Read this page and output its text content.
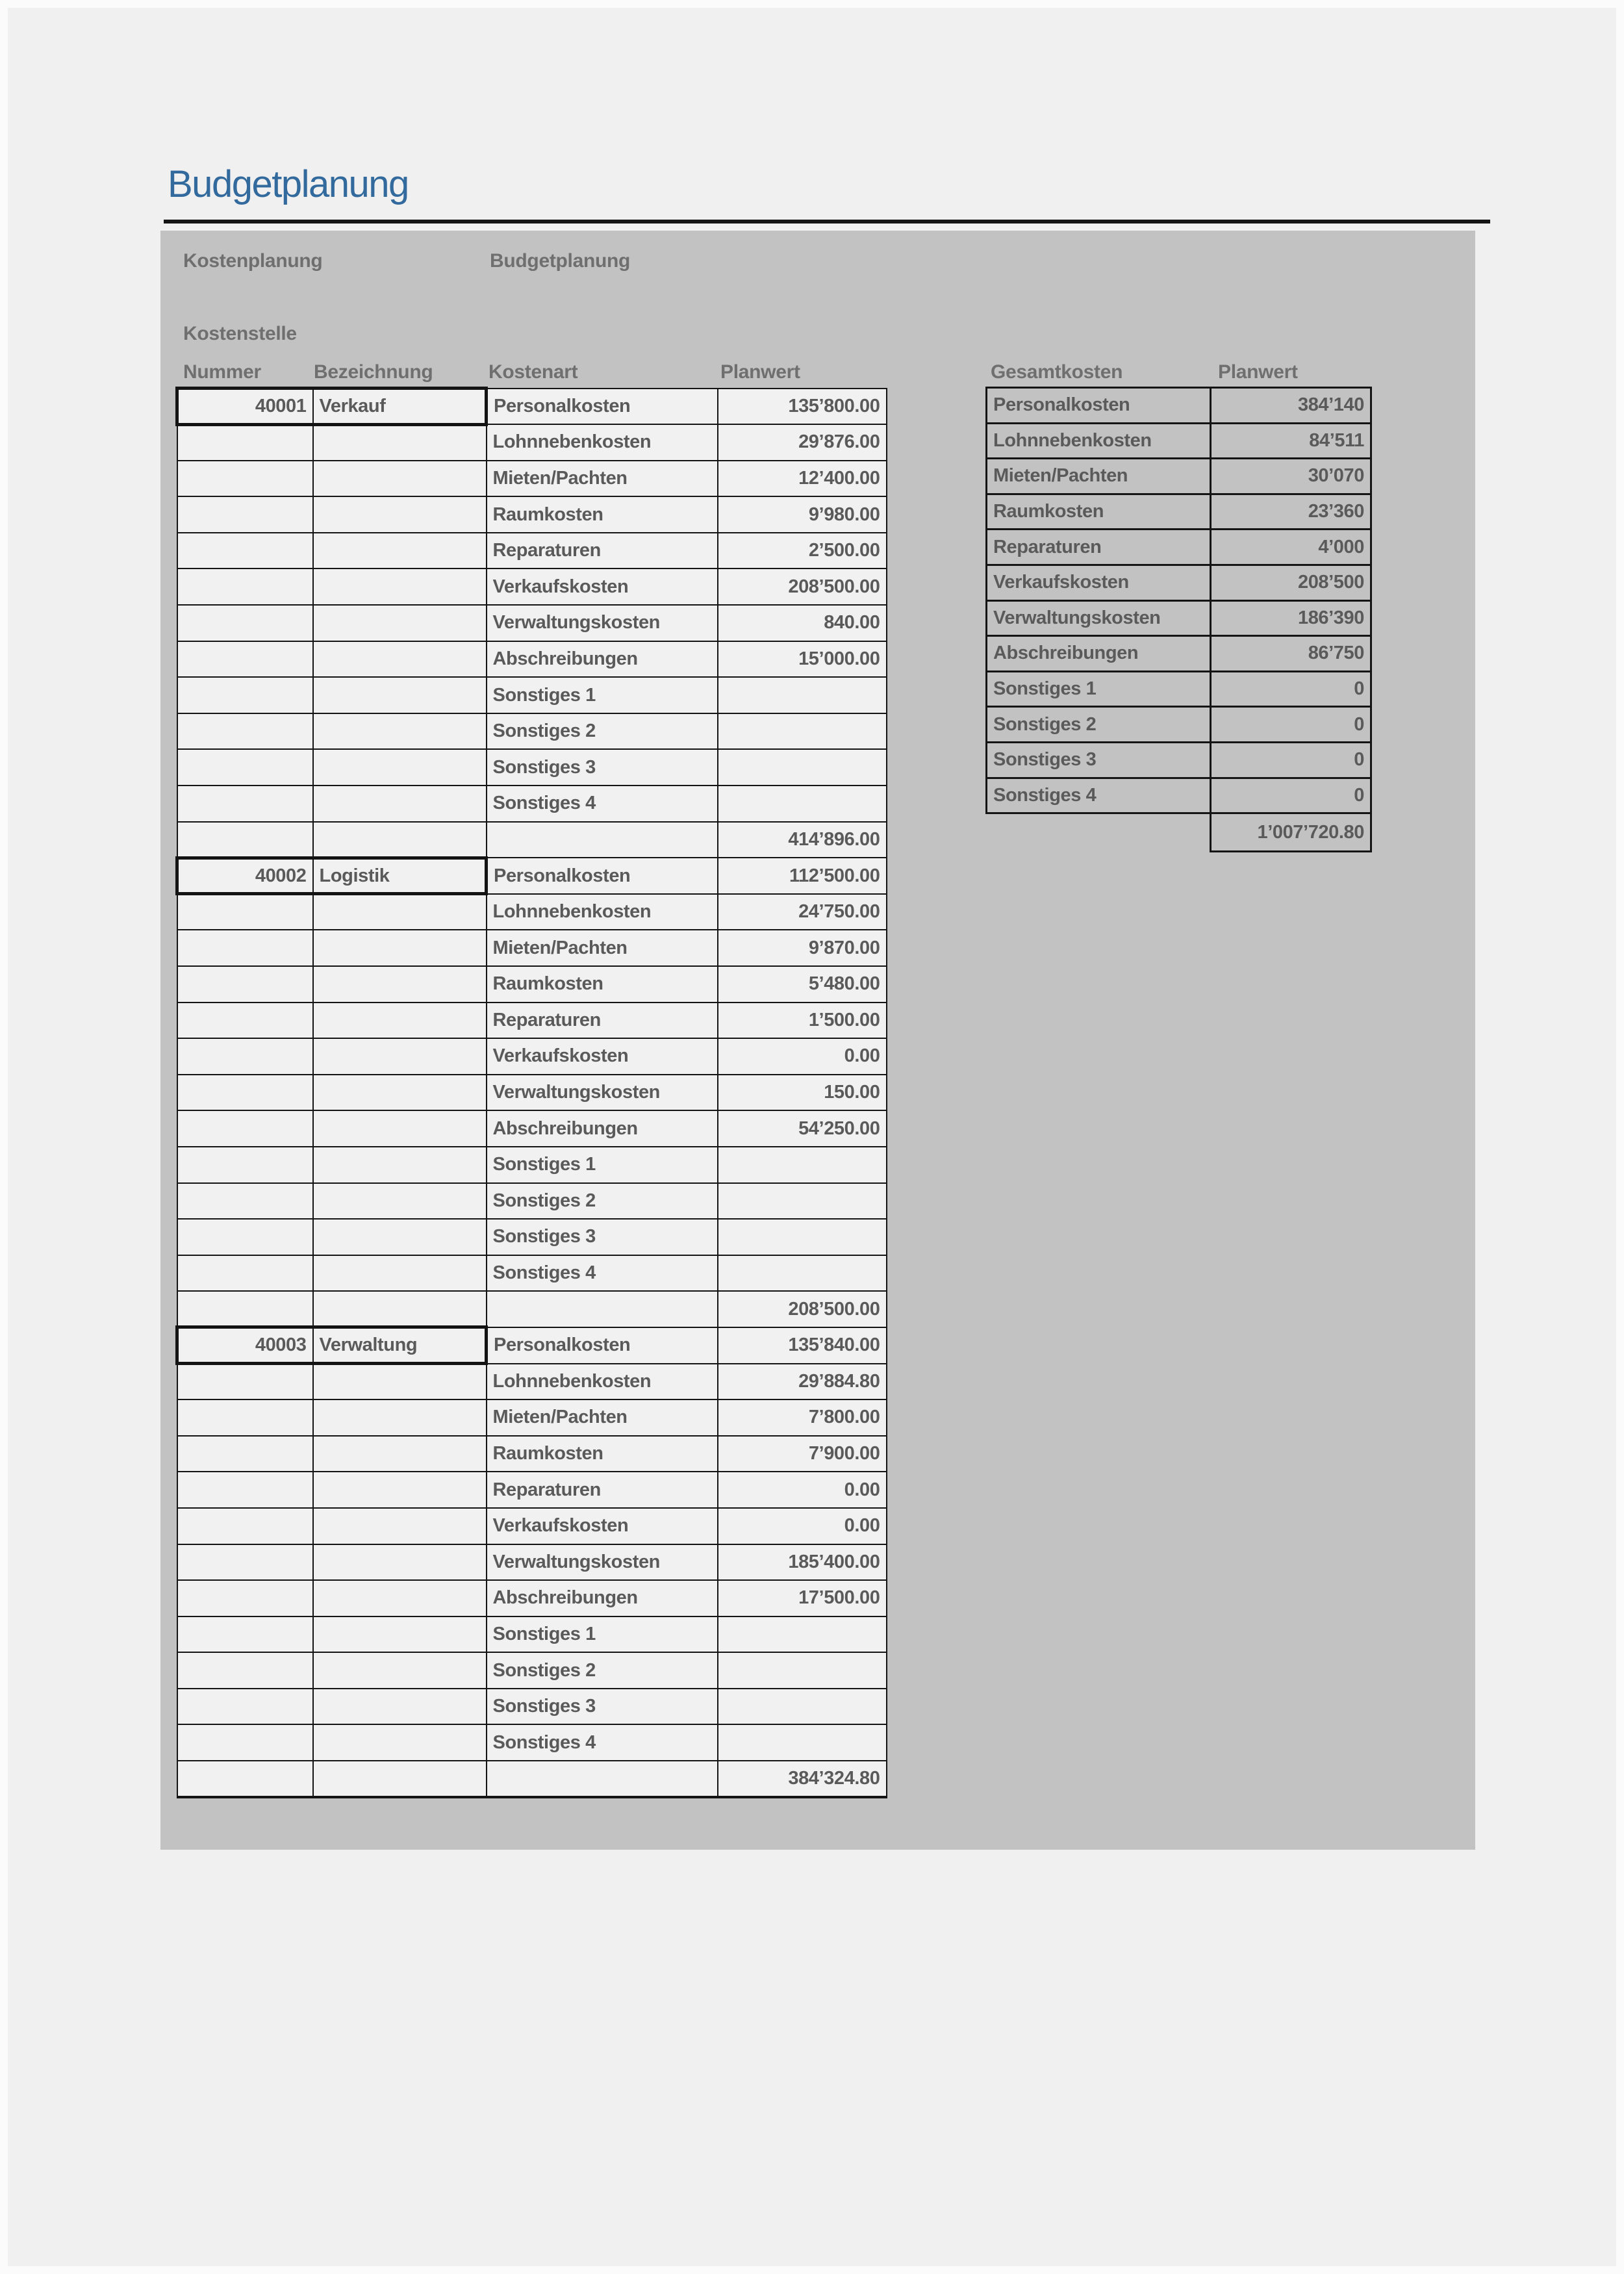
Budgetplanung
Kostenplanung	Budgetplanung
Kostenstelle
Nummer	Bezeichnung	Kostenart	Planwert	Gesamtkosten	Planwert
40001	Verkauf	Personalkosten	135’800.00
		Lohnnebenkosten	29’876.00
		Mieten/Pachten	12’400.00
		Raumkosten	9’980.00
		Reparaturen	2’500.00
		Verkaufskosten	208’500.00
		Verwaltungskosten	840.00
		Abschreibungen	15’000.00
		Sonstiges 1	
		Sonstiges 2	
		Sonstiges 3	
		Sonstiges 4	
			414’896.00
40002	Logistik	Personalkosten	112’500.00
		Lohnnebenkosten	24’750.00
		Mieten/Pachten	9’870.00
		Raumkosten	5’480.00
		Reparaturen	1’500.00
		Verkaufskosten	0.00
		Verwaltungskosten	150.00
		Abschreibungen	54’250.00
		Sonstiges 1	
		Sonstiges 2	
		Sonstiges 3	
		Sonstiges 4	
			208’500.00
40003	Verwaltung	Personalkosten	135’840.00
		Lohnnebenkosten	29’884.80
		Mieten/Pachten	7’800.00
		Raumkosten	7’900.00
		Reparaturen	0.00
		Verkaufskosten	0.00
		Verwaltungskosten	185’400.00
		Abschreibungen	17’500.00
		Sonstiges 1	
		Sonstiges 2	
		Sonstiges 3	
		Sonstiges 4	
			384’324.80
Personalkosten	384’140
Lohnnebenkosten	84’511
Mieten/Pachten	30’070
Raumkosten	23’360
Reparaturen	4’000
Verkaufskosten	208’500
Verwaltungskosten	186’390
Abschreibungen	86’750
Sonstiges 1	0
Sonstiges 2	0
Sonstiges 3	0
Sonstiges 4	0
	1’007’720.80
